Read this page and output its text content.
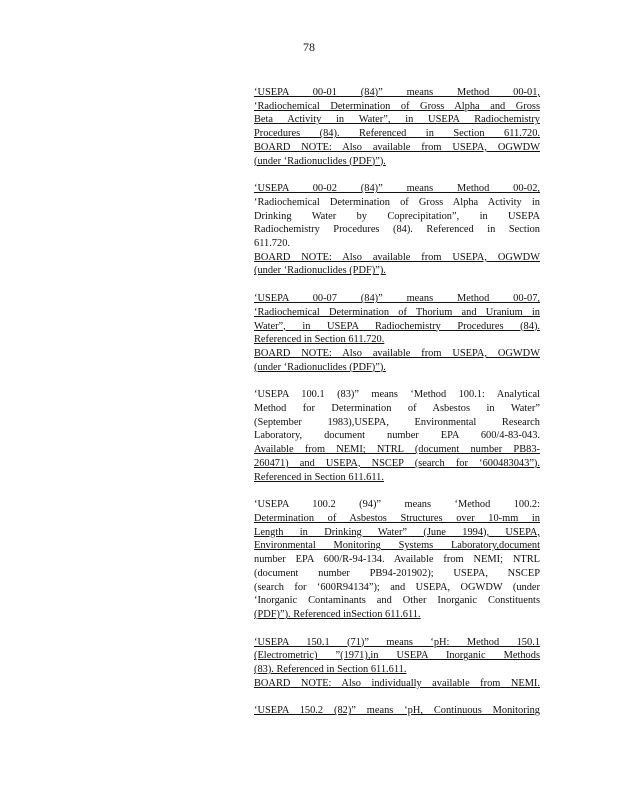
78
‘USEPA 00-01 (84)” means Method 00-01,
‘Radiochemical Determination of Gross Alpha and Gross
Beta Activity in Water”, in USEPA Radiochemistry
Procedures (84). Referenced in Section 611.720.
BOARD NOTE: Also available from USEPA, OGWDW
(under ‘Radionuclides (PDF)”).
‘USEPA 00-02 (84)” means Method 00-02,
‘Radiochemical Determination of Gross Alpha Activity in
Drinking Water by Coprecipitation”, in USEPA
Radiochemistry Procedures (84). Referenced in Section
611.720.
BOARD NOTE: Also available from USEPA, OGWDW
(under ‘Radionuclides (PDF)”).
‘USEPA 00-07 (84)” means Method 00-07,
‘Radiochemical Determination of Thorium and Uranium in
Water”, in USEPA Radiochemistry Procedures (84).
Referenced in Section 611.720.
BOARD NOTE: Also available from USEPA, OGWDW
(under ‘Radionuclides (PDF)”).
‘USEPA 100.1 (83)” means ‘Method 100.1: Analytical
Method for Determination of Asbestos in Water”
(September 1983),USEPA, Environmental Research
Laboratory, document number EPA 600/4-83-043.
Available from NEMI; NTRL (document number PB83-
260471) and USEPA, NSCEP (search for ‘600483043”).
Referenced in Section 611.611.
‘USEPA 100.2 (94)” means ‘Method 100.2:
Determination of Asbestos Structures over 10-mm in
Length in Drinking Water” (June 1994), USEPA,
Environmental Monitoring Systems Laboratory,document
number EPA 600/R-94-134. Available from NEMI; NTRL
(document number PB94-201902); USEPA, NSCEP
(search for ‘600R94134”); and USEPA, OGWDW (under
‘Inorganic Contaminants and Other Inorganic Constituents
(PDF)”). Referenced inSection 611.611.
‘USEPA 150.1 (71)” means ‘pH: Method 150.1
(Electrometric) ”(1971),in USEPA Inorganic Methods
(83). Referenced in Section 611.611.
BOARD NOTE: Also individually available from NEMI.
‘USEPA 150.2 (82)” means ‘pH, Continuous Monitoring
